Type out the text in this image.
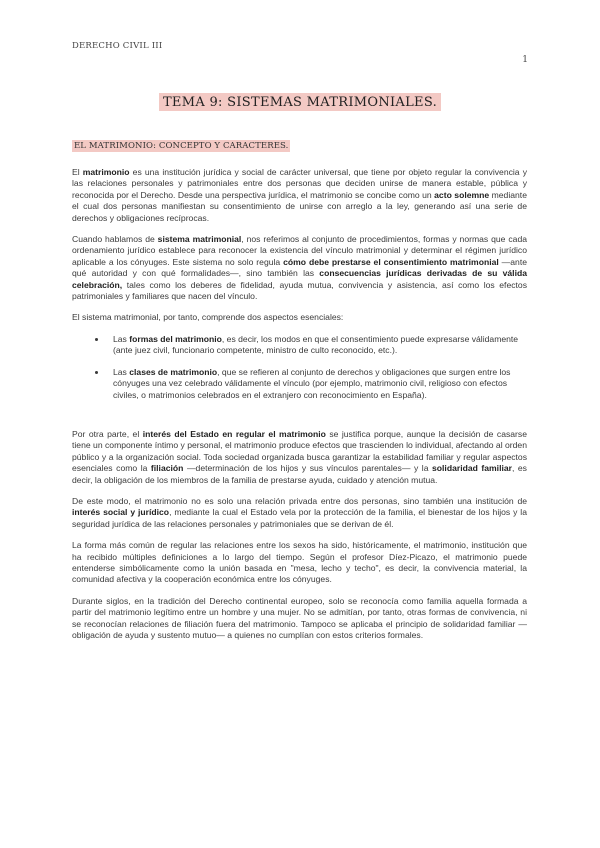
DERECHO CIVIL III
1
TEMA 9: SISTEMAS MATRIMONIALES.
EL MATRIMONIO: CONCEPTO Y CARACTERES.

El matrimonio es una institución jurídica y social de carácter universal, que tiene por objeto regular la convivencia y las relaciones personales y patrimoniales entre dos personas que deciden unirse de manera estable, pública y reconocida por el Derecho. Desde una perspectiva jurídica, el matrimonio se concibe como un acto solemne mediante el cual dos personas manifiestan su consentimiento de unirse con arreglo a la ley, generando así una serie de derechos y obligaciones recíprocas.

Cuando hablamos de sistema matrimonial, nos referimos al conjunto de procedimientos, formas y normas que cada ordenamiento jurídico establece para reconocer la existencia del vínculo matrimonial y determinar el régimen jurídico aplicable a los cónyuges. Este sistema no solo regula cómo debe prestarse el consentimiento matrimonial —ante qué autoridad y con qué formalidades—, sino también las consecuencias jurídicas derivadas de su válida celebración, tales como los deberes de fidelidad, ayuda mutua, convivencia y asistencia, así como los efectos patrimoniales y familiares que nacen del vínculo.

El sistema matrimonial, por tanto, comprende dos aspectos esenciales:

• Las formas del matrimonio, es decir, los modos en que el consentimiento puede expresarse válidamente (ante juez civil, funcionario competente, ministro de culto reconocido, etc.).
• Las clases de matrimonio, que se refieren al conjunto de derechos y obligaciones que surgen entre los cónyuges una vez celebrado válidamente el vínculo (por ejemplo, matrimonio civil, religioso con efectos civiles, o matrimonios celebrados en el extranjero con reconocimiento en España).

Por otra parte, el interés del Estado en regular el matrimonio se justifica porque, aunque la decisión de casarse tiene un componente íntimo y personal, el matrimonio produce efectos que trascienden lo individual, afectando al orden público y a la organización social. Toda sociedad organizada busca garantizar la estabilidad familiar y regular aspectos esenciales como la filiación —determinación de los hijos y sus vínculos parentales— y la solidaridad familiar, es decir, la obligación de los miembros de la familia de prestarse ayuda, cuidado y atención mutua.

De este modo, el matrimonio no es solo una relación privada entre dos personas, sino también una institución de interés social y jurídico, mediante la cual el Estado vela por la protección de la familia, el bienestar de los hijos y la seguridad jurídica de las relaciones personales y patrimoniales que se derivan de él.

La forma más común de regular las relaciones entre los sexos ha sido, históricamente, el matrimonio, institución que ha recibido múltiples definiciones a lo largo del tiempo. Según el profesor Díez-Picazo, el matrimonio puede entenderse simbólicamente como la unión basada en "mesa, lecho y techo", es decir, la convivencia material, la comunidad afectiva y la cooperación económica entre los cónyuges.

Durante siglos, en la tradición del Derecho continental europeo, solo se reconocía como familia aquella formada a partir del matrimonio legítimo entre un hombre y una mujer. No se admitían, por tanto, otras formas de convivencia, ni se reconocían relaciones de filiación fuera del matrimonio. Tampoco se aplicaba el principio de solidaridad familiar —obligación de ayuda y sustento mutuo— a quienes no cumplían con estos criterios formales.
